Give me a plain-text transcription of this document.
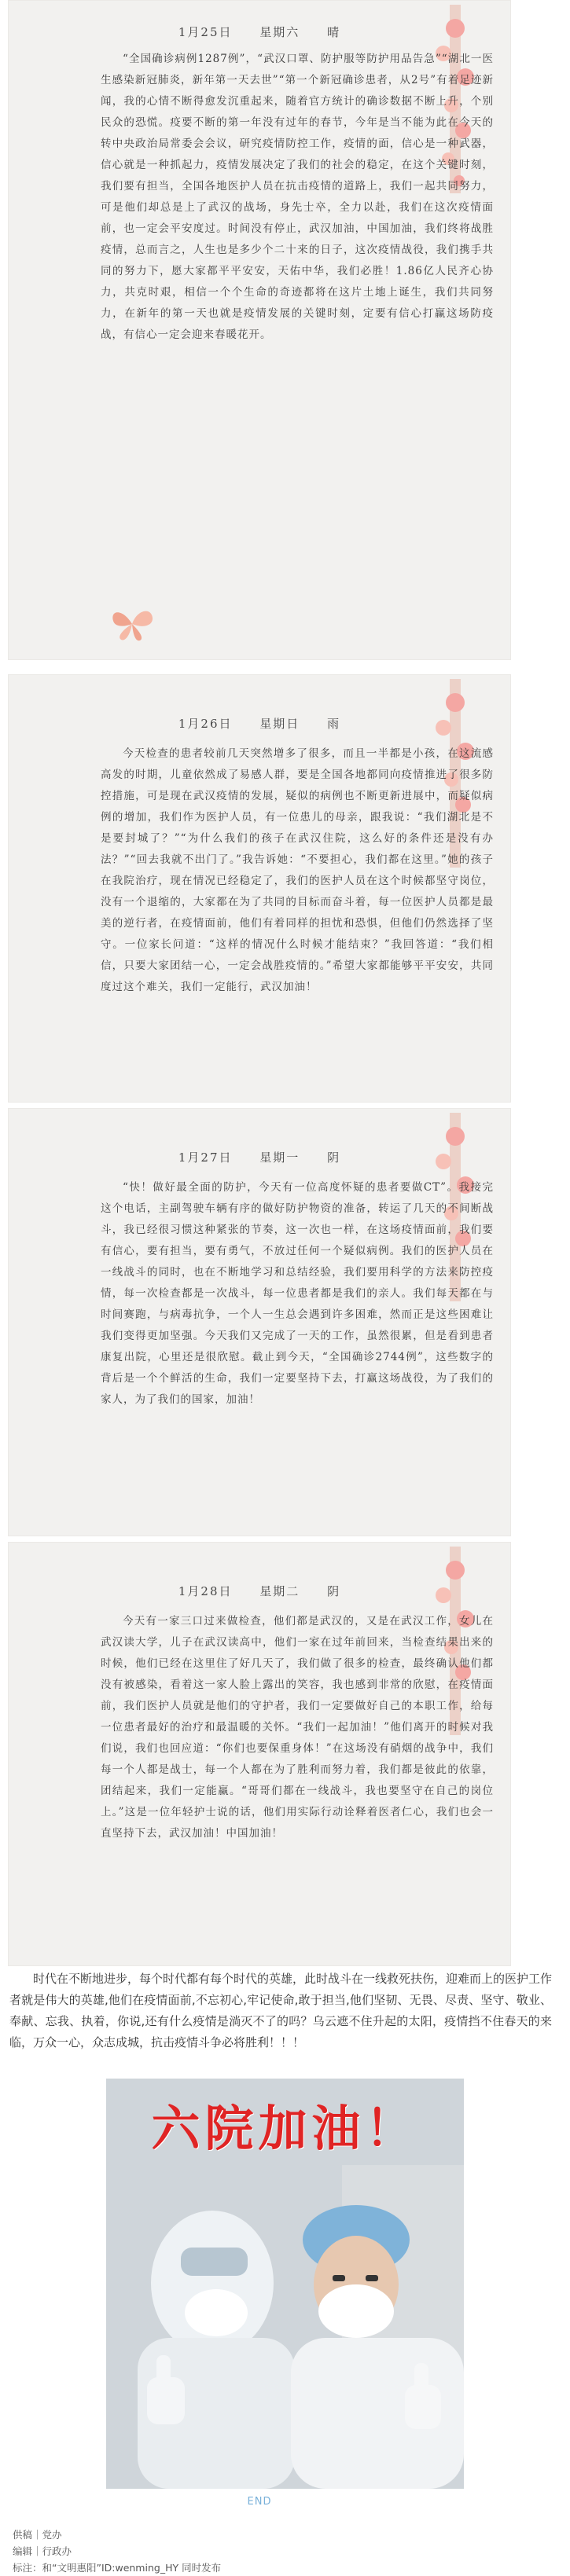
1月25日 星期六 晴

“全国确诊病例1287例”，“武汉口罩、防护服等防护用品告急”“湖北一医生感染新冠肺炎，新年第一天去世”“第一个新冠确诊患者，从2号”有着足迹新闻，我的心情不断得愈发沉重起来，随着官方统计的确诊数据不断上升，个别民众的恐慌。疫要不断的第一年没有过年的春节，今年是当不能为此在今天的转中央政治局常委会会议，研究疫情防控工作，疫情的面，信心是一种武器，信心就是一种抓起力，疫情发展决定了我们的社会的稳定，在这个关键时刻，我们要有担当，全国各地医护人员在抗击疫情的道路上，我们一起共同努力，可是他们却总是上了武汉的战场，身先士卒，全力以赴，我们在这次疫情面前，也一定会平安度过。时间没有停止，武汉加油，中国加油，我们终将战胜疫情，总而言之，人生也是多少个二十来的日子，这次疫情战役，我们携手共同的努力下，愿大家都平平安安，天佑中华，我们必胜！1.86亿人民齐心协力，共克时艰，相信一个个生命的奇迹都将在这片土地上诞生，我们共同努力，在新年的第一天也就是疫情发展的关键时刻，定要有信心打赢这场防疫战，有信心一定会迎来春暖花开。

1月26日 星期日 雨

今天检查的患者较前几天突然增多了很多，而且一半都是小孩，在这流感高发的时期，儿童依然成了易感人群，要是全国各地都同向疫情推进了很多防控措施，可是现在武汉疫情的发展，疑似的病例也不断更新进展中，而疑似病例的增加，我们作为医护人员，有一位患儿的母亲，跟我说：“我们湖北是不是要封城了？”“为什么我们的孩子在武汉住院，这么好的条件还是没有办法？”“回去我就不出门了。”我告诉她：“不要担心，我们都在这里。”她的孩子在我院治疗，现在情况已经稳定了，我们的医护人员在这个时候都坚守岗位，没有一个退缩的，大家都在为了共同的目标而奋斗着，每一位医护人员都是最美的逆行者，在疫情面前，他们有着同样的担忧和恐惧，但他们仍然选择了坚守。一位家长问道：“这样的情况什么时候才能结束？”我回答道：“我们相信，只要大家团结一心，一定会战胜疫情的。”希望大家都能够平平安安，共同度过这个难关，我们一定能行，武汉加油！

1月27日 星期一 阴

“快！做好最全面的防护，今天有一位高度怀疑的患者要做CT”。我接完这个电话，主副驾驶车辆有序的做好防护物资的准备，转运了几天的不间断战斗，我已经很习惯这种紧张的节奏，这一次也一样，在这场疫情面前，我们要有信心，要有担当，要有勇气，不放过任何一个疑似病例。我们的医护人员在一线战斗的同时，也在不断地学习和总结经验，我们要用科学的方法来防控疫情，每一次检查都是一次战斗，每一位患者都是我们的亲人。我们每天都在与时间赛跑，与病毒抗争，一个人一生总会遇到许多困难，然而正是这些困难让我们变得更加坚强。今天我们又完成了一天的工作，虽然很累，但是看到患者康复出院，心里还是很欣慰。截止到今天，“全国确诊2744例”，这些数字的背后是一个个鲜活的生命，我们一定要坚持下去，打赢这场战役，为了我们的家人，为了我们的国家，加油！

1月28日 星期二 阴

今天有一家三口过来做检查，他们都是武汉的，又是在武汉工作，女儿在武汉读大学，儿子在武汉读高中，他们一家在过年前回来，当检查结果出来的时候，他们已经在这里住了好几天了，我们做了很多的检查，最终确认他们都没有被感染，看着这一家人脸上露出的笑容，我也感到非常的欣慰，在疫情面前，我们医护人员就是他们的守护者，我们一定要做好自己的本职工作，给每一位患者最好的治疗和最温暖的关怀。“我们一起加油！”他们离开的时候对我们说，我们也回应道：“你们也要保重身体！”在这场没有硝烟的战争中，我们每一个人都是战士，每一个人都在为了胜利而努力着，我们都是彼此的依靠，团结起来，我们一定能赢。“哥哥们都在一线战斗，我也要坚守在自己的岗位上。”这是一位年轻护士说的话，他们用实际行动诠释着医者仁心，我们也会一直坚持下去，武汉加油！中国加油！

时代在不断地进步，每个时代都有每个时代的英雄，此时战斗在一线救死扶伤，迎难而上的医护工作者就是伟大的英雄,他们在疫情面前,不忘初心,牢记使命,敢于担当,他们坚韧、无畏、尽责、坚守、敬业、奉献、忘我、执着，你说,还有什么疫情是淌灭不了的吗？乌云遮不住升起的太阳，疫情挡不住春天的来临，万众一心，众志成城，抗击疫情斗争必将胜利！！！

六院加油！
END
供稿｜党办
编辑｜行政办
标注：和“文明惠阳”ID:wenming_HY 同时发布
